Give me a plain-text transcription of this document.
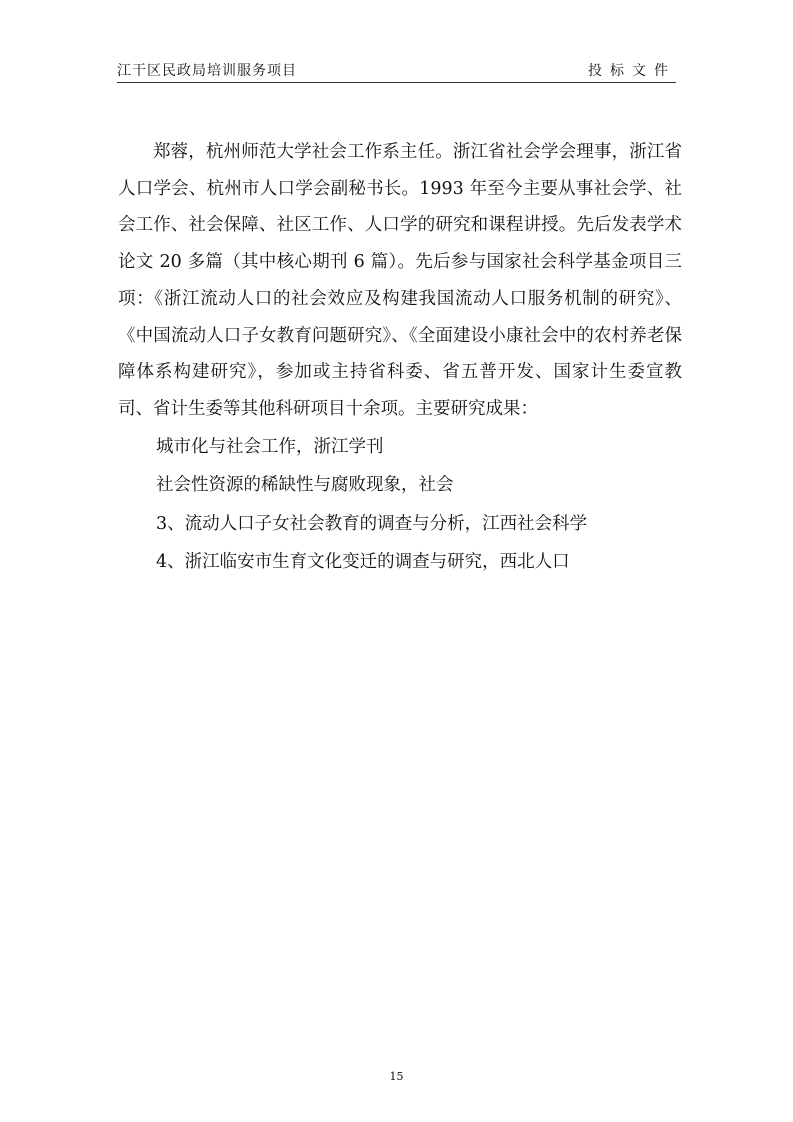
江干区民政局培训服务项目	投标文件

郑蓉，杭州师范大学社会工作系主任。浙江省社会学会理事，浙江省人口学会、杭州市人口学会副秘书长。1993 年至今主要从事社会学、社会工作、社会保障、社区工作、人口学的研究和课程讲授。先后发表学术论文 20 多篇（其中核心期刊 6 篇）。先后参与国家社会科学基金项目三项：《浙江流动人口的社会效应及构建我国流动人口服务机制的研究》、《中国流动人口子女教育问题研究》、《全面建设小康社会中的农村养老保障体系构建研究》，参加或主持省科委、省五普开发、国家计生委宣教司、省计生委等其他科研项目十余项。主要研究成果：

城市化与社会工作，浙江学刊

社会性资源的稀缺性与腐败现象，社会

3、流动人口子女社会教育的调查与分析，江西社会科学

4、浙江临安市生育文化变迁的调查与研究，西北人口

15
